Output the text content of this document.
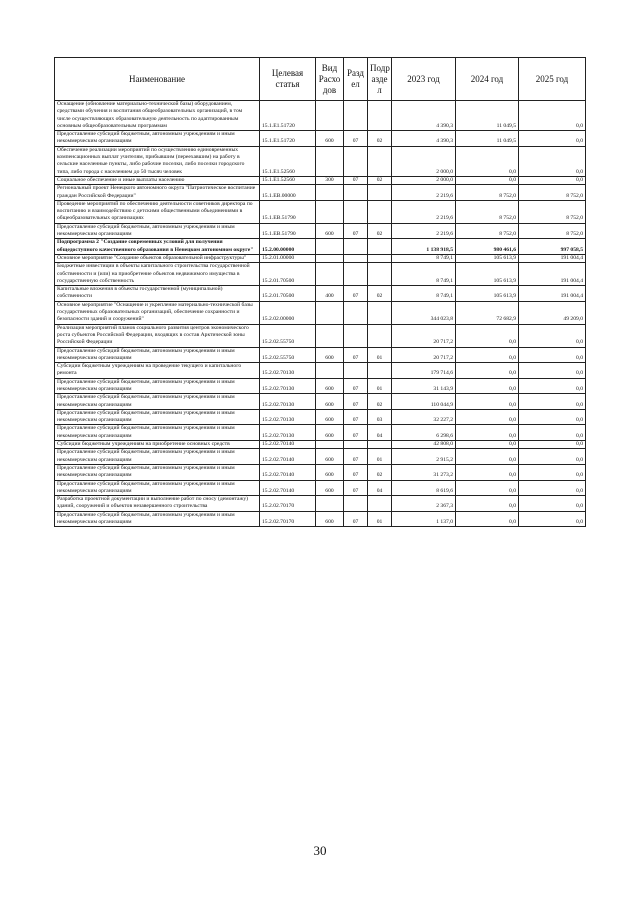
Наименование	Целевая статья	Вид Расхо дов	Разд ел	Подр азде л	2023 год	2024 год	2025 год
Оснащение (обновление материально-технической базы) оборудованием, средствами обучения и воспитания общеобразовательных организаций, в том числе осуществляющих образовательную деятельность по адаптированным основным общеобразовательным программам	15.1.E1.51720				4 390,3	11 049,5	0,0
Предоставление субсидий бюджетным, автономным учреждениям и иным некоммерческим организациям	15.1.E1.51720	600	07	02	4 390,3	11 049,5	0,0
Обеспечение реализации мероприятий по осуществлению единовременных компенсационных выплат учителям, прибывшим (переехавшим) на работу в сельские населенные пункты, либо рабочие поселки, либо поселки городского типа, либо города с населением до 50 тысяч человек	15.1.E1.52560				2 000,0	0,0	0,0
Социальное обеспечение и иные выплаты населению	15.1.E1.52560	300	07	02	2 000,0	0,0	0,0
Региональный проект Ненецкого автономного округа "Патриотическое воспитание граждан Российской Федерации"	15.1.EB.00000				2 219,6	8 752,0	8 752,0
Проведение мероприятий по обеспечению деятельности советников директора по воспитанию и взаимодействию с детскими общественными объединениями в общеобразовательных организациях	15.1.EB.51790				2 219,6	8 752,0	8 752,0
Предоставление субсидий бюджетным, автономным учреждениям и иным некоммерческим организациям	15.1.EB.51790	600	07	02	2 219,6	8 752,0	8 752,0
Подпрограмма 2 "Создание современных условий для получения общедоступного качественного образования в Ненецком автономном округе"	15.2.00.00000				1 138 918,5	980 461,6	997 058,5
Основное мероприятие "Создание объектов образовательной инфраструктуры"	15.2.01.00000				8 749,1	105 613,9	191 004,4
Бюджетные инвестиции в объекты капитального строительства государственной собственности и (или) на приобретение объектов недвижимого имущества в государственную собственность	15.2.01.70500				8 749,1	105 613,9	191 004,4
Капитальные вложения в объекты государственной (муниципальной) собственности	15.2.01.70500	400	07	02	8 749,1	105 613,9	191 004,4
Основное мероприятие "Оснащение и укрепление материально-технической базы государственных образовательных организаций, обеспечение сохранности и безопасности зданий и сооружений"	15.2.02.00000				344 023,8	72 682,9	49 209,0
Реализация мероприятий планов социального развития центров экономического роста субъектов Российской Федерации, входящих в состав Арктической зоны Российской Федерации	15.2.02.55750				20 717,2	0,0	0,0
Предоставление субсидий бюджетным, автономным учреждениям и иным некоммерческим организациям	15.2.02.55750	600	07	01	20 717,2	0,0	0,0
Субсидии бюджетным учреждениям на проведение текущего и капитального ремонта	15.2.02.70130				179 714,6	0,0	0,0
Предоставление субсидий бюджетным, автономным учреждениям и иным некоммерческим организациям	15.2.02.70130	600	07	01	31 143,9	0,0	0,0
Предоставление субсидий бюджетным, автономным учреждениям и иным некоммерческим организациям	15.2.02.70130	600	07	02	110 044,9	0,0	0,0
Предоставление субсидий бюджетным, автономным учреждениям и иным некоммерческим организациям	15.2.02.70130	600	07	03	32 227,2	0,0	0,0
Предоставление субсидий бюджетным, автономным учреждениям и иным некоммерческим организациям	15.2.02.70130	600	07	04	6 298,6	0,0	0,0
Субсидии бюджетным учреждениям на приобретение основных средств	15.2.02.70140				42 808,0	0,0	0,0
Предоставление субсидий бюджетным, автономным учреждениям и иным некоммерческим организациям	15.2.02.70140	600	07	01	2 915,2	0,0	0,0
Предоставление субсидий бюджетным, автономным учреждениям и иным некоммерческим организациям	15.2.02.70140	600	07	02	31 273,2	0,0	0,0
Предоставление субсидий бюджетным, автономным учреждениям и иным некоммерческим организациям	15.2.02.70140	600	07	04	8 619,6	0,0	0,0
Разработка проектной документации и выполнение работ по сносу (демонтажу) зданий, сооружений и объектов незавершенного строительства	15.2.02.70170				2 367,3	0,0	0,0
Предоставление субсидий бюджетным, автономным учреждениям и иным некоммерческим организациям	15.2.02.70170	600	07	01	1 137,0	0,0	0,0
30
